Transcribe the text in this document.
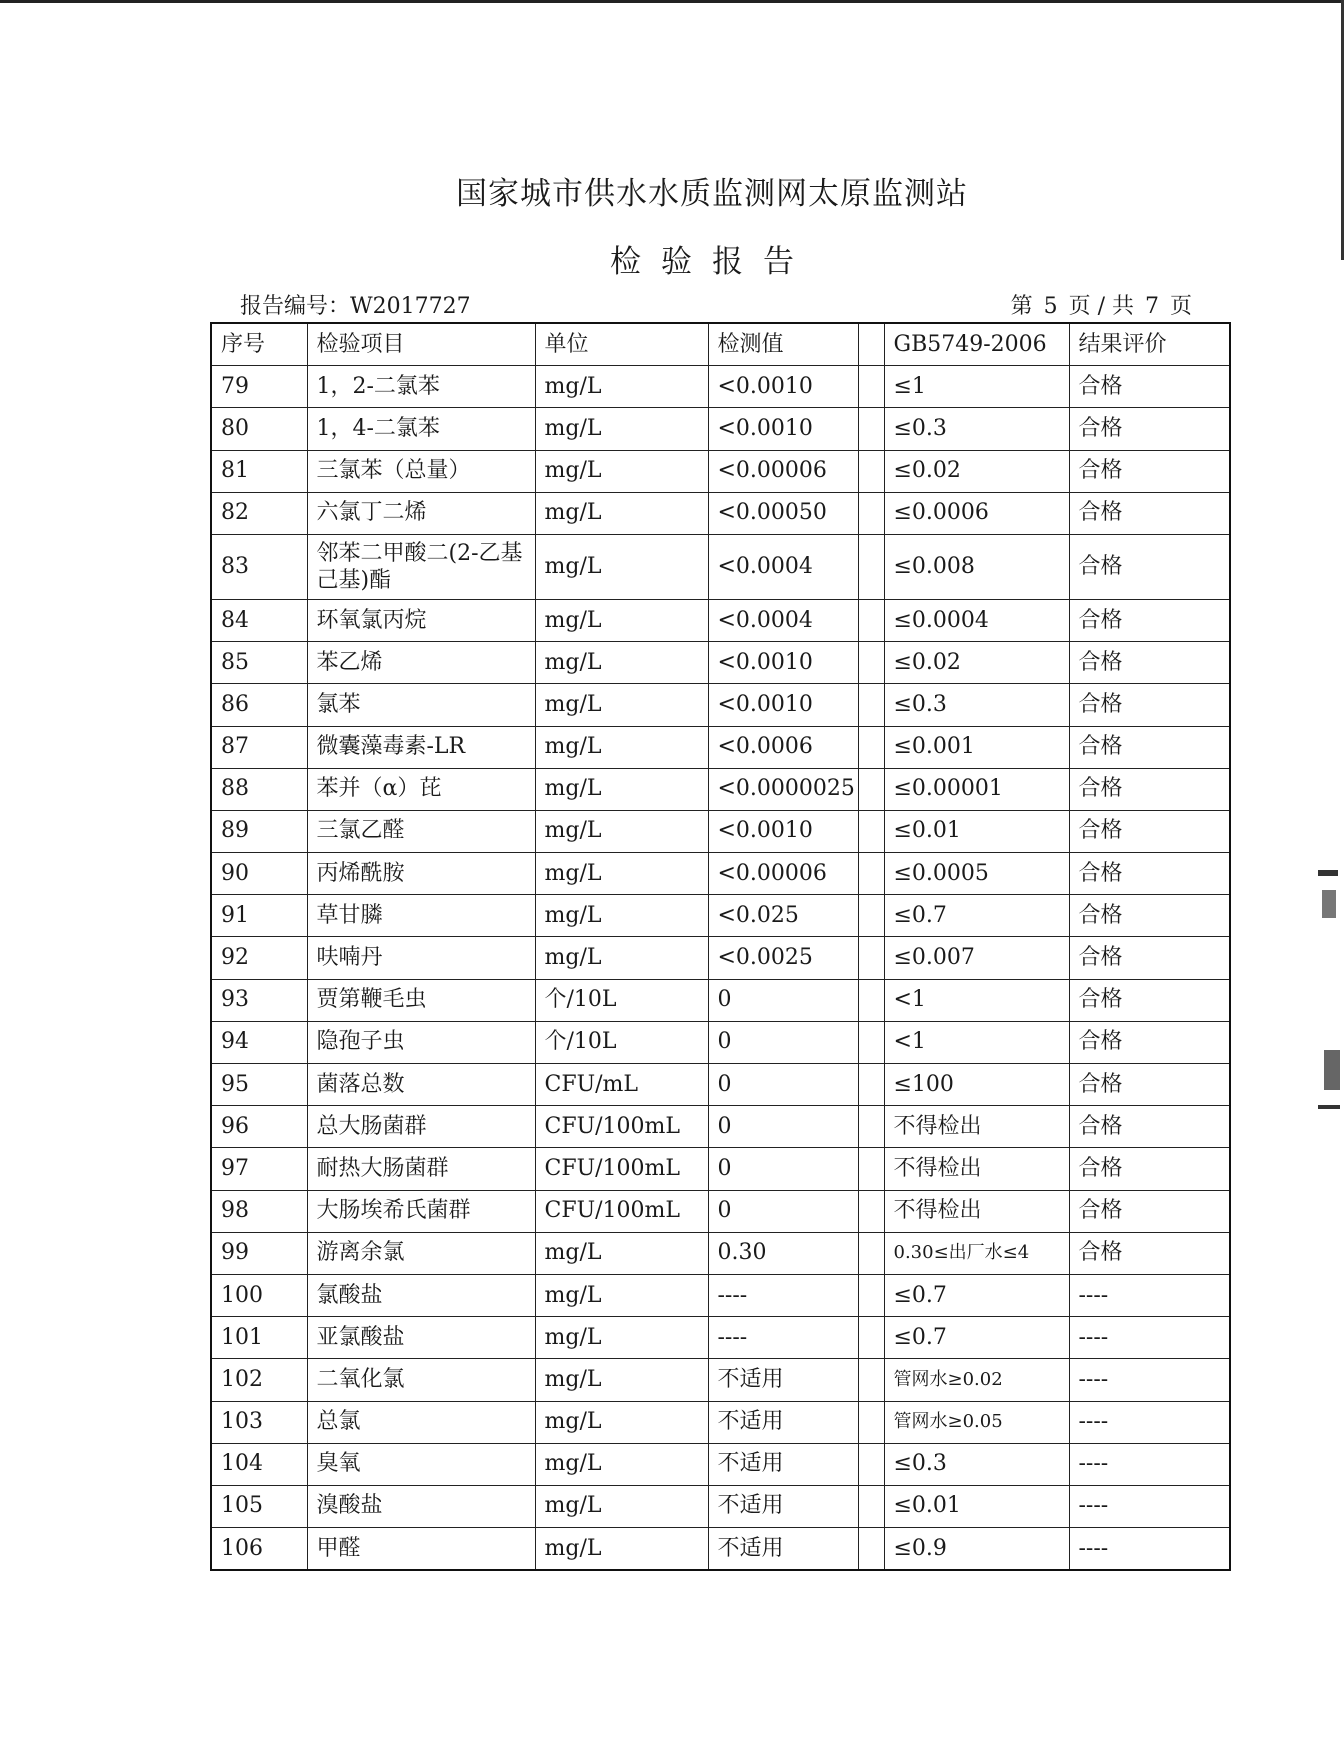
国家城市供水水质监测网太原监测站
检验报告
报告编号：W2017727	第 5 页 / 共 7 页
序号	检验项目	单位	检测值		GB5749-2006	结果评价
79	1，2-二氯苯	mg/L	<0.0010		≤1	合格
80	1，4-二氯苯	mg/L	<0.0010		≤0.3	合格
81	三氯苯（总量）	mg/L	<0.00006		≤0.02	合格
82	六氯丁二烯	mg/L	<0.00050		≤0.0006	合格
83	邻苯二甲酸二(2-乙基己基)酯	mg/L	<0.0004		≤0.008	合格
84	环氧氯丙烷	mg/L	<0.0004		≤0.0004	合格
85	苯乙烯	mg/L	<0.0010		≤0.02	合格
86	氯苯	mg/L	<0.0010		≤0.3	合格
87	微囊藻毒素-LR	mg/L	<0.0006		≤0.001	合格
88	苯并（α）芘	mg/L	<0.0000025		≤0.00001	合格
89	三氯乙醛	mg/L	<0.0010		≤0.01	合格
90	丙烯酰胺	mg/L	<0.00006		≤0.0005	合格
91	草甘膦	mg/L	<0.025		≤0.7	合格
92	呋喃丹	mg/L	<0.0025		≤0.007	合格
93	贾第鞭毛虫	个/10L	0		<1	合格
94	隐孢子虫	个/10L	0		<1	合格
95	菌落总数	CFU/mL	0		≤100	合格
96	总大肠菌群	CFU/100mL	0		不得检出	合格
97	耐热大肠菌群	CFU/100mL	0		不得检出	合格
98	大肠埃希氏菌群	CFU/100mL	0		不得检出	合格
99	游离余氯	mg/L	0.30		0.30≤出厂水≤4	合格
100	氯酸盐	mg/L	----		≤0.7	----
101	亚氯酸盐	mg/L	----		≤0.7	----
102	二氧化氯	mg/L	不适用		管网水≥0.02	----
103	总氯	mg/L	不适用		管网水≥0.05	----
104	臭氧	mg/L	不适用		≤0.3	----
105	溴酸盐	mg/L	不适用		≤0.01	----
106	甲醛	mg/L	不适用		≤0.9	----
